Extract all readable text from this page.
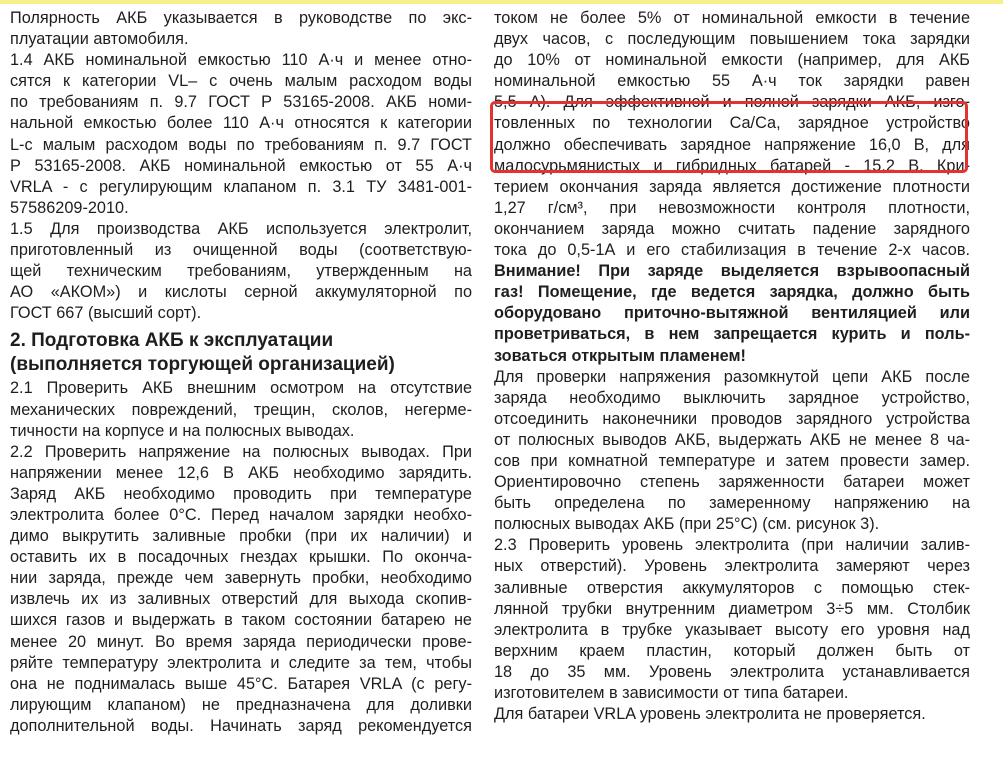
Полярность АКБ указывается в руководстве по экс-
плуатации автомобиля.
1.4 АКБ номинальной емкостью 110 А·ч и менее отно-
сятся к категории VL– с очень малым расходом воды
по требованиям п. 9.7 ГОСТ Р 53165-2008. АКБ номи-
нальной емкостью более 110 А·ч относятся к категории
L-с малым расходом воды по требованиям п. 9.7 ГОСТ
Р 53165-2008. АКБ номинальной емкостью от 55 А·ч
VRLA - с регулирующим клапаном п. 3.1 ТУ 3481-001-
57586209-2010.
1.5 Для производства АКБ используется электролит,
приготовленный из очищенной воды (соответствую-
щей техническим требованиям, утвержденным на
АО «АКОМ») и кислоты серной аккумуляторной по
ГОСТ 667 (высший сорт).
2. Подготовка АКБ к эксплуатации
(выполняется торгующей организацией)
2.1 Проверить АКБ внешним осмотром на отсутствие
механических повреждений, трещин, сколов, негерме-
тичности на корпусе и на полюсных выводах.
2.2 Проверить напряжение на полюсных выводах. При
напряжении менее 12,6 В АКБ необходимо зарядить.
Заряд АКБ необходимо проводить при температуре
электролита более 0°С. Перед началом зарядки необхо-
димо выкрутить заливные пробки (при их наличии) и
оставить их в посадочных гнездах крышки. По оконча-
нии заряда, прежде чем завернуть пробки, необходимо
извлечь их из заливных отверстий для выхода скопив-
шихся газов и выдержать в таком состоянии батарею не
менее 20 минут. Во время заряда периодически прове-
ряйте температуру электролита и следите за тем, чтобы
она не поднималась выше 45°С. Батарея VRLA (с регу-
лирующим клапаном) не предназначена для доливки
дополнительной воды. Начинать заряд рекомендуется
током не более 5% от номинальной емкости в течение
двух часов, с последующим повышением тока зарядки
до 10% от номинальной емкости (например, для АКБ
номинальной емкостью 55 А·ч ток зарядки равен
5,5 А). Для эффективной и полной зарядки АКБ, изго-
товленных по технологии Са/Са, зарядное устройство
должно обеспечивать зарядное напряжение 16,0 В, для
малосурьмянистых и гибридных батарей - 15,2 В. Кри-
терием окончания заряда является достижение плотности
1,27 г/см³, при невозможности контроля плотности,
окончанием заряда можно считать падение зарядного
тока до 0,5-1А и его стабилизация в течение 2-х часов.
Внимание! При заряде выделяется взрывоопасный
газ! Помещение, где ведется зарядка, должно быть
оборудовано приточно-вытяжной вентиляцией или
проветриваться, в нем запрещается курить и поль-
зоваться открытым пламенем!
Для проверки напряжения разомкнутой цепи АКБ после
заряда необходимо выключить зарядное устройство,
отсоединить наконечники проводов зарядного устройства
от полюсных выводов АКБ, выдержать АКБ не менее 8 ча-
сов при комнатной температуре и затем провести замер.
Ориентировочно степень заряженности батареи может
быть определена по замеренному напряжению на
полюсных выводах АКБ (при 25°С) (см. рисунок 3).
2.3 Проверить уровень электролита (при наличии залив-
ных отверстий). Уровень электролита замеряют через
заливные отверстия аккумуляторов с помощью стек-
лянной трубки внутренним диаметром 3÷5 мм. Столбик
электролита в трубке указывает высоту его уровня над
верхним краем пластин, который должен быть от
18 до 35 мм. Уровень электролита устанавливается
изготовителем в зависимости от типа батареи.
Для батареи VRLA уровень электролита не проверяется.
